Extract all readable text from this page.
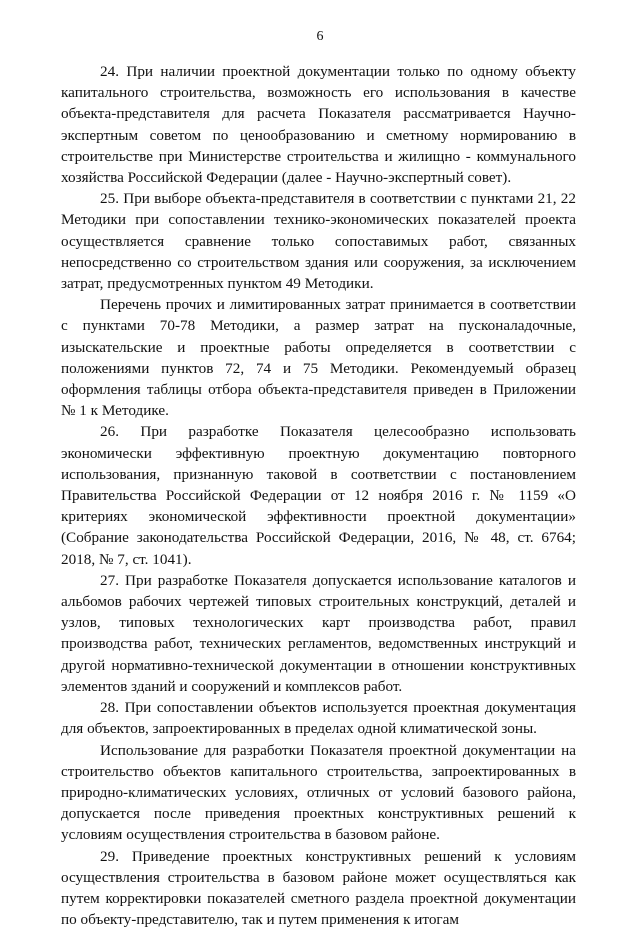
6

24. При наличии проектной документации только по одному объекту капитального строительства, возможность его использования в качестве объекта-представителя для расчета Показателя рассматривается Научно-экспертным советом по ценообразованию и сметному нормированию в строительстве при Министерстве строительства и жилищно - коммунального хозяйства Российской Федерации (далее - Научно-экспертный совет).

25. При выборе объекта-представителя в соответствии с пунктами 21, 22 Методики при сопоставлении технико-экономических показателей проекта осуществляется сравнение только сопоставимых работ, связанных непосредственно со строительством здания или сооружения, за исключением затрат, предусмотренных пунктом 49 Методики.

Перечень прочих и лимитированных затрат принимается в соответствии с пунктами 70-78 Методики, а размер затрат на пусконаладочные, изыскательские и проектные работы определяется в соответствии с положениями пунктов 72, 74 и 75 Методики. Рекомендуемый образец оформления таблицы отбора объекта-представителя приведен в Приложении № 1 к Методике.

26. При разработке Показателя целесообразно использовать экономически эффективную проектную документацию повторного использования, признанную таковой в соответствии с постановлением Правительства Российской Федерации от 12 ноября 2016 г. № 1159 «О критериях экономической эффективности проектной документации» (Собрание законодательства Российской Федерации, 2016, № 48, ст. 6764; 2018, № 7, ст. 1041).

27. При разработке Показателя допускается использование каталогов и альбомов рабочих чертежей типовых строительных конструкций, деталей и узлов, типовых технологических карт производства работ, правил производства работ, технических регламентов, ведомственных инструкций и другой нормативно-технической документации в отношении конструктивных элементов зданий и сооружений и комплексов работ.

28. При сопоставлении объектов используется проектная документация для объектов, запроектированных в пределах одной климатической зоны.

Использование для разработки Показателя проектной документации на строительство объектов капитального строительства, запроектированных в природно-климатических условиях, отличных от условий базового района, допускается после приведения проектных конструктивных решений к условиям осуществления строительства в базовом районе.

29. Приведение проектных конструктивных решений к условиям осуществления строительства в базовом районе может осуществляться как путем корректировки показателей сметного раздела проектной документации по объекту-представителю, так и путем применения к итогам
